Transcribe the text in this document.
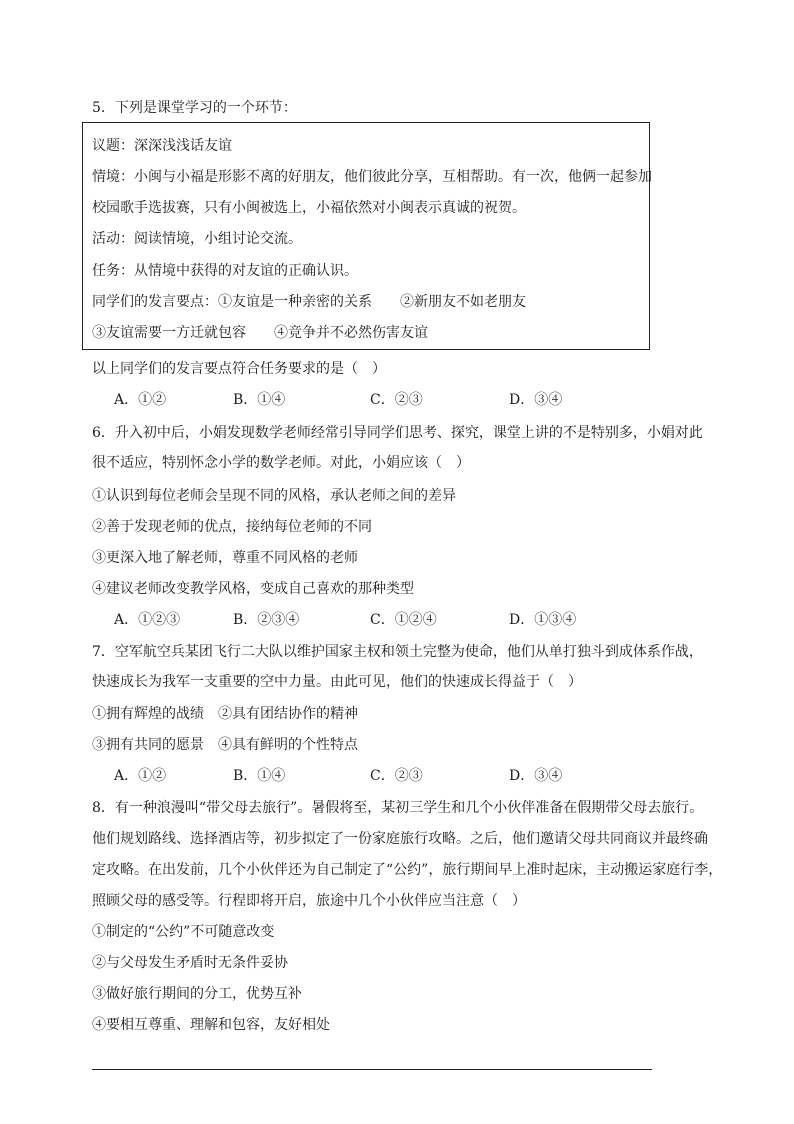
5．下列是课堂学习的一个环节：
议题：深深浅浅话友谊
情境：小闽与小福是形影不离的好朋友，他们彼此分享，互相帮助。有一次，他俩一起参加
校园歌手选拔赛，只有小闽被选上，小福依然对小闽表示真诚的祝贺。
活动：阅读情境，小组讨论交流。
任务：从情境中获得的对友谊的正确认识。
同学们的发言要点：①友谊是一种亲密的关系　　②新朋友不如老朋友
③友谊需要一方迁就包容　　④竞争并不必然伤害友谊
以上同学们的发言要点符合任务要求的是（　）
A．①②	B．①④	C．②③	D．③④
6．升入初中后，小娟发现数学老师经常引导同学们思考、探究，课堂上讲的不是特别多，小娟对此
很不适应，特别怀念小学的数学老师。对此，小娟应该（　）
①认识到每位老师会呈现不同的风格，承认老师之间的差异
②善于发现老师的优点，接纳每位老师的不同
③更深入地了解老师，尊重不同风格的老师
④建议老师改变教学风格，变成自己喜欢的那种类型
A．①②③	B．②③④	C．①②④	D．①③④
7．空军航空兵某团飞行二大队以维护国家主权和领土完整为使命，他们从单打独斗到成体系作战，
快速成长为我军一支重要的空中力量。由此可见，他们的快速成长得益于（　）
①拥有辉煌的战绩　②具有团结协作的精神
③拥有共同的愿景　④具有鲜明的个性特点
A．①②	B．①④	C．②③	D．③④
8．有一种浪漫叫“带父母去旅行”。暑假将至，某初三学生和几个小伙伴准备在假期带父母去旅行。
他们规划路线、选择酒店等，初步拟定了一份家庭旅行攻略。之后，他们邀请父母共同商议并最终确
定攻略。在出发前，几个小伙伴还为自己制定了“公约”，旅行期间早上准时起床，主动搬运家庭行李，
照顾父母的感受等。行程即将开启，旅途中几个小伙伴应当注意（　）
①制定的“公约”不可随意改变
②与父母发生矛盾时无条件妥协
③做好旅行期间的分工，优势互补
④要相互尊重、理解和包容，友好相处
